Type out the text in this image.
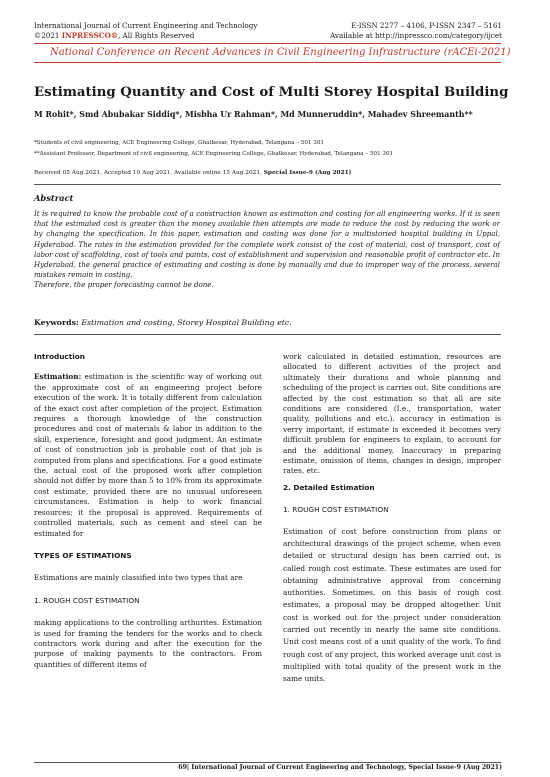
International Journal of Current Engineering and Technology
©2021 INPRESSCO®, All Rights Reserved
E-ISSN 2277 – 4106, P-ISSN 2347 – 5161
Available at http://inpressco.com/category/ijcet
National Conference on Recent Advances in Civil Engineering Infrastructure (rACEi-2021)
Estimating Quantity and Cost of Multi Storey Hospital Building
M Rohit*, Smd Abubakar Siddiq*, Misbha Ur Rahman*, Md Munneruddin*, Mahadev Shreemanth**
*Students of civil engineering, ACE Engineering College, Ghatkesar, Hyderabad, Telangana – 501 301
**Assistant Professor, Department of civil engineering, ACE Engineering College, Ghatkesar, Hyderabad, Telangana – 501 301
Received 05 Aug 2021, Accepted 10 Aug 2021, Available online 15 Aug 2021, Special Issue-9 (Aug 2021)
Abstract

It is required to know the probable cost of a construction known as estimation and costing for all engineering works. If it is seen that the estimated cost is greater than the money available then attempts are made to reduce the cost by reducing the work or by changing the specification. In this paper, estimation and costing was done for a multistoried hospital building in Uppal, Hyderabad. The rates in the estimation provided for the complete work consist of the cost of material, cost of transport, cost of labor cost of scaffolding, cost of tools and paints, cost of establishment and supervision and reasonable profit of contractor etc. In Hyderabad, the general practice of estimating and costing is done by manually and due to improper way of the process, several mistakes remain in costing.

Therefore, the proper forecasting cannot be done.

Keywords: Estimation and costing, Storey Hospital Building etc.

Introduction

Estimation: estimation is the scientific way of working out the approximate cost of an engineering project before execution of the work. It is totally different from calculation of the exact cost after completion of the project. Estimation requires a thorough knowledge of the construction procedures and cost of materials & labor in addition to the skill, experience, foresight and good judgment. An estimate of cost of construction job is probable cost of that job is computed from plans and specifications. For a good estimate the, actual cost of the proposed work after completion should not differ by more than 5 to 10% from its approximate cost estimate, provided there are no unusual unforeseen circumstances. Estimation is help to work financial resources; it the proposal is approved. Requirements of controlled materials, such as cement and steel can be estimated for

TYPES OF ESTIMATIONS

Estimations are mainly classified into two types that are

1. ROUGH COST ESTIMATION

making applications to the controlling arthurites. Estimation is used for framing the tenders for the works and to check contractors work during and after the execution for the purpose of making payments to the contractors. From quantities of different items of

work calculated in detailed estimation, resources are allocated to different activities of the project and ultimately their durations and whole planning and scheduling of the project is carries out. Site conditions are affected by the cost estimation so that all are site conditions are considered (I.e., transportation, water quality, pollutions and etc.). accuracy in estimation is verry important, if estimate is exceeded it becomes very difficult problem for engineers to explain, to account for and the additional money. Inaccuracy in preparing estimate, omission of items, changes in design, improper rates, etc.

2. Detailed Estimation

1. ROUGH COST ESTIMATION

Estimation of cost before construction from plans or architectural drawings of the project scheme, when even detailed or structural design has been carried out, is called rough cost estimate. These estimates are used for obtaining administrative approval from concerning authorities. Sometimes, on this basis of rough cost estimates, a proposal may be dropped altogether. Unit cost is worked out for the project under consideration carried out recently in nearly the same site conditions. Unit cost means cost of a unit quality of the work. To find rough cost of any project, this worked average unit cost is multiplied with total quality of the present work in the same units.

69| International Journal of Current Engineering and Technology, Special Issue-9 (Aug 2021)
